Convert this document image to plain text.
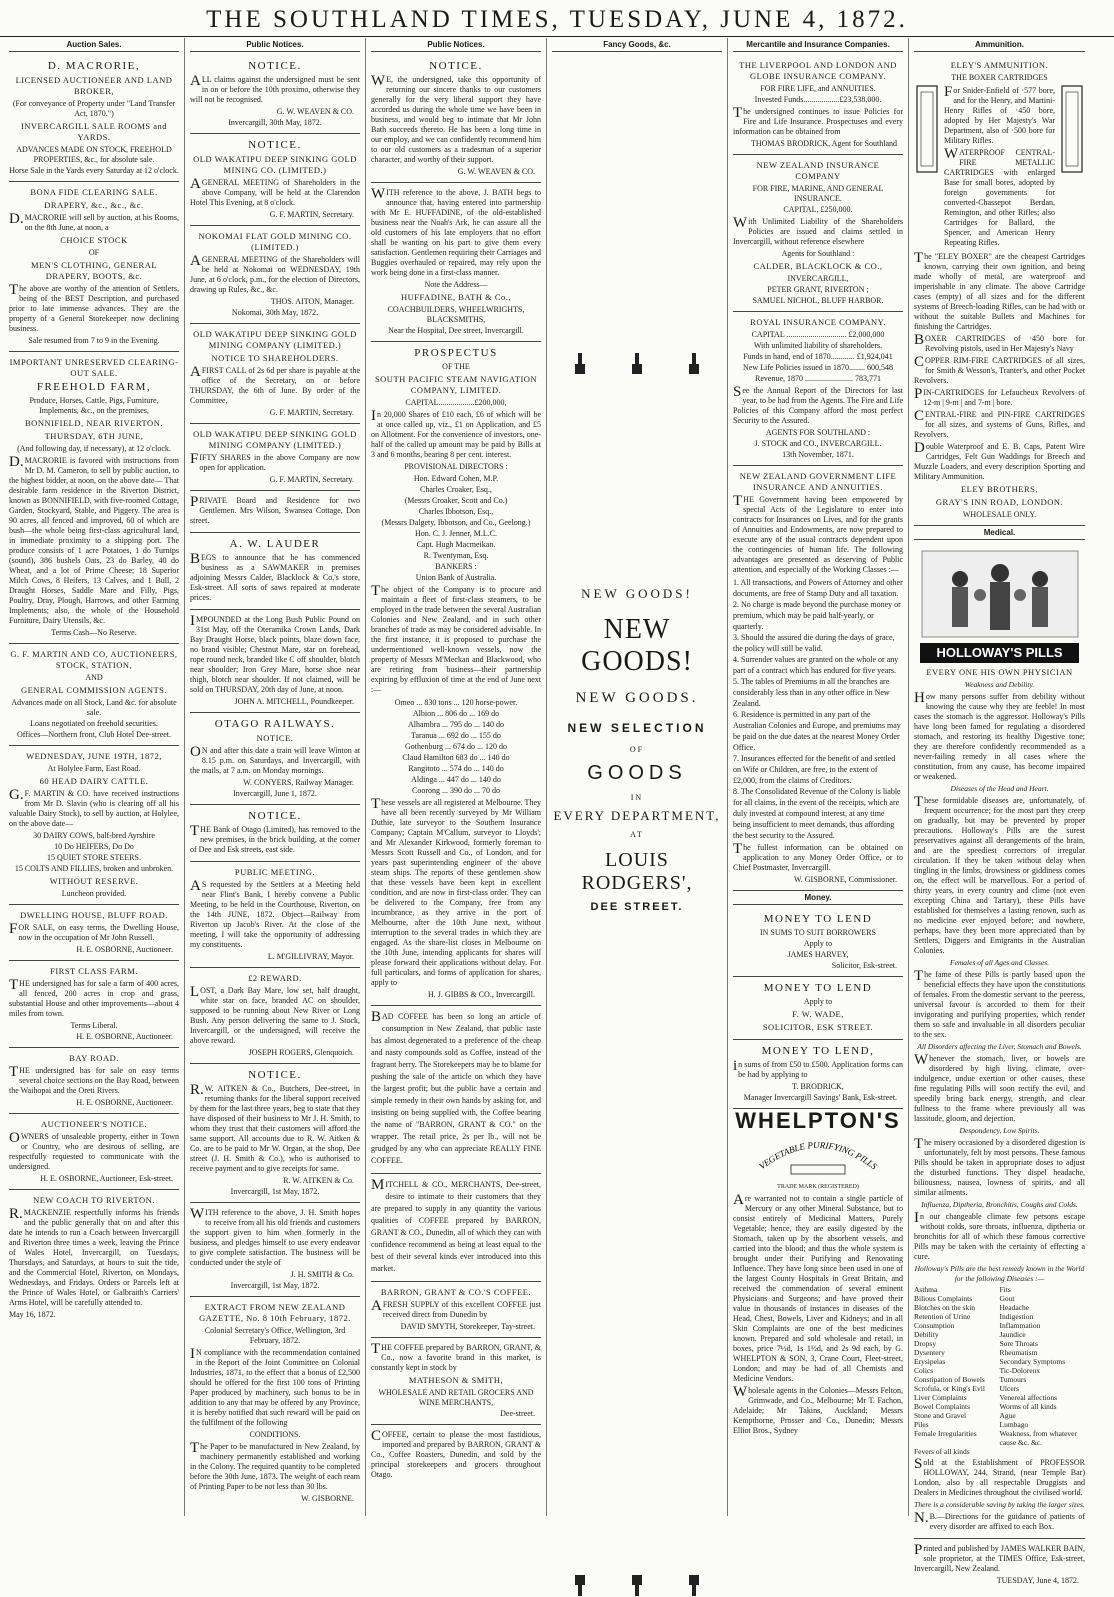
THE SOUTHLAND TIMES, TUESDAY, JUNE 4, 1872.
Auction Sales.
D. MACRORIE,
LICENSED AUCTIONEER AND LAND BROKER,
(For conveyance of Property under "Land Transfer Act, 1870.")
INVERCARGILL SALE ROOMS and YARDS.
ADVANCES MADE ON STOCK, FREEHOLD PROPERTIES, &c., for absolute sale.
Horse Sale in the Yards every Saturday at 12 o'clock.
BONA FIDE CLEARING SALE.
DRAPERY, &c., &c., &c.
D.MACRORIE will sell by auction, at his Rooms, on the 8th June, at noon, a
CHOICE STOCK
OF
MEN'S CLOTHING, GENERAL DRAPERY, BOOTS, &c.
The above are worthy of the attention of Settlers, being of the BEST Description, and purchased prior to late immense advances. They are the property of a General Storekeeper now declining business.
Sale resumed from 7 to 9 in the Evening.
IMPORTANT UNRESERVED CLEARING-OUT SALE.
FREEHOLD FARM,
Produce, Horses, Cattle, Pigs, Furniture, Implements, &c., on the premises,
BONNIFIELD, NEAR RIVERTON.
THURSDAY, 6TH JUNE,
(And following day, if necessary), at 12 o'clock.
D.MACRORIE is favored with instructions from Mr D. M. Cameron, to sell by public auction, to the highest bidder, at noon, on the above date— That desirable farm residence in the Riverton District, known as BONNIFIELD, with five-roomed Cottage, Garden, Stockyard, Stable, and Piggery. The area is 90 acres, all fenced and improved, 60 of which are bush—the whole being first-class agricultural land, in immediate proximity to a shipping port. The produce consists of 1 acre Potatoes, 1 do Turnips (sound), 386 bushels Oats, 23 do Barley, 40 do Wheat, and a lot of Prime Cheese; 18 Superior Milch Cows, 8 Heifers, 13 Calves, and 1 Bull, 2 Draught Horses, Saddle Mare and Filly, Pigs, Poultry, Dray, Plough, Harrows, and other Farming Implements; also, the whole of the Household Furniture, Dairy Utensils, &c.
Terms Cash—No Reserve.
G. F. MARTIN AND CO, AUCTIONEERS, STOCK, STATION,
AND
GENERAL COMMISSION AGENTS.
Advances made on all Stock, Land &c. for absolute sale.
Loans negotiated on freehold securities.
Offices—Northern front, Club Hotel Dee-street.
WEDNESDAY, JUNE 19TH, 1872,
At Holylee Farm, East Road.
60 HEAD DAIRY CATTLE.
G.F. MARTIN & CO. have received instructions from Mr D. Slavin (who is clearing off all his valuable Dairy Stock), to sell by auction, at Holylee, on the above date—
30 DAIRY COWS, half-bred Ayrshire
10 Do HEIFERS, Do Do
15 QUIET STORE STEERS.
15 COLTS AND FILLIES, broken and unbroken.
WITHOUT RESERVE.
Luncheon provided.
DWELLING HOUSE, BLUFF ROAD.
FOR SALE, on easy terms, the Dwelling House, now in the occupation of Mr John Russell.
H. E. OSBORNE, Auctioneer.
FIRST CLASS FARM.
THE undersigned has for sale a farm of 400 acres, all fenced, 200 acres in crop and grass, substantial House and other improvements—about 4 miles from town.
Terms Liberal.
H. E. OSBORNE, Auctioneer.
BAY ROAD.
THE undersigned has for sale on easy terms several choice sections on the Bay Road, between the Waihopai and the Oreti Rivers.
H. E. OSBORNE, Auctioneer.
AUCTIONEER'S NOTICE.
OWNERS of unsaleable property, either in Town or Country, who are desirous of selling, are respectfully requested to communicate with the undersigned.
H. E. OSBORNE, Auctioneer, Esk-street.
NEW COACH TO RIVERTON.
R.MACKENZIE respectfully informs his friends and the public generally that on and after this date he intends to run a Coach between Invercargill and Riverton three times a week, leaving the Prince of Wales Hotel, Invercargill, on Tuesdays, Thursdays, and Saturdays, at hours to suit the tide, and the Commercial Hotel, Riverton, on Mondays, Wednesdays, and Fridays. Orders or Parcels left at the Prince of Wales Hotel, or Galbraith's Carriers' Arms Hotel, will be carefully attended to.
May 16, 1872.
Public Notices.
NOTICE.
ALL claims against the undersigned must be sent in on or before the 10th proximo, otherwise they will not be recognised.
G. W. WEAVEN & CO.
Invercargill, 30th May, 1872.
NOTICE.
OLD WAKATIPU DEEP SINKING GOLD MINING CO. (LIMITED.)
AGENERAL MEETING of Shareholders in the above Company, will be held at the Clarendon Hotel This Evening, at 8 o'clock.
G. F. MARTIN, Secretary.
NOKOMAI FLAT GOLD MINING CO. (LIMITED.)
AGENERAL MEETING of the Shareholders will be held at Nokomai on WEDNESDAY, 19th June, at 6 o'clock, p.m., for the election of Directors, drawing up Rules, &c., &c.
THOS. AITON, Manager.
Nokomai, 30th May, 1872.
OLD WAKATIPU DEEP SINKING GOLD MINING COMPANY (LIMITED.)
NOTICE TO SHAREHOLDERS.
AFIRST CALL of 2s 6d per share is payable at the office of the Secretary, on or before THURSDAY, the 6th of June. By order of the Committee,
G. F. MARTIN, Secretary.
OLD WAKATIPU DEEP SINKING GOLD MINING COMPANY (LIMITED.)
FIFTY SHARES in the above Company are now open for application.
G. F. MARTIN, Secretary.
PRIVATE Board and Residence for two Gentlemen. Mrs Wilson, Swansea Cottage, Don street.
A. W. LAUDER
BEGS to announce that he has commenced business as a SAWMAKER in premises adjoining Messrs Calder, Blacklock & Co.'s store, Esk-street. All sorts of saws repaired at moderate prices.
IMPOUNDED at the Long Bush Public Pound on 31st May, off the Oteramika Crown Lands, Dark Bay Draught Horse, black points, blaze down face, no brand visible; Chestnut Mare, star on forehead, rope round neck, branded like C off shoulder, blotch near shoulder; Iron Grey Mare, horse shoe near thigh, blotch near shoulder. If not claimed, will be sold on THURSDAY, 20th day of June, at noon.
JOHN A. MITCHELL, Poundkeeper.
OTAGO RAILWAYS.
NOTICE.
ON and after this date a train will leave Winton at 8.15 p.m. on Saturdays, and Invercargill, with the mails, at 7 a.m. on Monday mornings.
W. CONYERS, Railway Manager.
Invercargill, June 1, 1872.
NOTICE.
THE Bank of Otago (Limited), has removed to the new premises, in the brick building, at the corner of Dee and Esk streets, east side.
PUBLIC MEETING.
AS requested by the Settlers at a Meeting held near Flint's Bank, I hereby convene a Public Meeting, to be held in the Courthouse, Riverton, on the 14th JUNE, 1872. Object—Railway from Riverton up Jacob's River. At the close of the meeting, I will take the opportunity of addressing my constituents.
L. M'GILLIVRAY, Mayor.
£2 REWARD.
LOST, a Dark Bay Mare, low set, half draught, white star on face, branded AC on shoulder, supposed to be running about New River or Long Bush. Any person delivering the same to J. Stock, Invercargill, or the undersigned, will receive the above reward.
JOSEPH ROGERS, Glenquoich.
NOTICE.
R.W. AITKEN & Co., Butchers, Dee-street, in returning thanks for the liberal support received by them for the last three years, beg to state that they have disposed of their business to Mr J. H. Smith, to whom they trust that their customers will afford the same support. All accounts due to R. W. Aitken & Co. are to be paid to Mr W. Organ, at the shop, Dee street (J. H. Smith & Co.), who is authorised to receive payment and to give receipts for same.
R. W. AITKEN & Co.
Invercargill, 1st May, 1872.
WITH reference to the above, J. H. Smith hopes to receive from all his old friends and customers the support given to him when formerly in the business, and pledges himself to use every endeavor to give complete satisfaction. The business will be conducted under the style of
J. H. SMITH & Co.
Invercargill, 1st May, 1872.
EXTRACT FROM NEW ZEALAND GAZETTE, No. 8 10th February, 1872.
Colonial Secretary's Office, Wellington, 3rd February, 1872.
IN compliance with the recommendation contained in the Report of the Joint Committee on Colonial Industries, 1871, to the effect that a bonus of £2,500 should be offered for the first 100 tons of Printing Paper produced by machinery, such bonus to be in addition to any that may be offered by any Province, it is hereby notified that such reward will be paid on the fulfilment of the following
CONDITIONS.
The Paper to be manufactured in New Zealand, by machinery permanently established and working in the Colony. The required quantity to be completed before the 30th June, 1873. The weight of each ream of Printing Paper to be not less than 30 lbs.
W. GISBORNE.
Public Notices.
NOTICE.
WE, the undersigned, take this opportunity of returning our sincere thanks to our customers generally for the very liberal support they have accorded us during the whole time we have been in business, and would beg to intimate that Mr John Bath succeeds thereto. He has been a long time in our employ, and we can confidently recommend him to our old customers as a tradesman of a superior character, and worthy of their support.
G. W. WEAVEN & CO.
WITH reference to the above, J. BATH begs to announce that, having entered into partnership with Mr E. HUFFADINE, of the old-established business near the Noah's Ark, he can assure all the old customers of his late employers that no effort shall be wanting on his part to give them every satisfaction. Gentlemen requiring their Carriages and Buggies overhauled or repaired, may rely upon the work being done in a first-class manner.
Note the Address—
HUFFADINE, BATH & Co.,
COACHBUILDERS, WHEELWRIGHTS, BLACKSMITHS,
Near the Hospital, Dee street, Invercargill.
PROSPECTUS
OF THE
SOUTH PACIFIC STEAM NAVIGATION COMPANY, LIMITED.
CAPITAL..................£200,000,
In 20,000 Shares of £10 each, £6 of which will be at once called up, viz., £1 on Application, and £5 on Allotment. For the convenience of investors, one-half of the called up amount may be paid by Bills at 3 and 6 months, bearing 8 per cent. interest.
PROVISIONAL DIRECTORS :
Hon. Edward Cohen, M.P.
Charles Croaker, Esq.,
(Messrs Croaker, Scott and Co.)
Charles Ibbotson, Esq.,
(Messrs Dalgety, Ibbotson, and Co., Geelong.)
Hon. C. J. Jenner, M.L.C.
Capt. Hugh Macmeikan.
R. Twentyman, Esq.
BANKERS :
Union Bank of Australia.
The object of the Company is to procure and maintain a fleet of first-class steamers, to be employed in the trade between the several Australian Colonies and New Zealand, and in such other branches of trade as may be considered advisable. In the first instance, it is proposed to purchase the undermentioned well-known vessels, now the property of Messrs M'Meckan and Blackwood, who are retiring from business—their partnership expiring by effluxion of time at the end of June next :—
Omeo ... 830 tons ... 120 horse-power.
Albion ... 806 do ... 169 do
Alhambra ... 795 do ... 140 do
Taranua ... 692 do ... 155 do
Gothenburg ... 674 do ... 120 do
Claud Hamilton 683 do ... 140 do
Rangitoto ... 574 do ... 140 do
Aldinga ... 447 do ... 140 do
Coorong ... 390 do ... 70 do
These vessels are all registered at Melbourne. They have all been recently surveyed by Mr William Duthie, late surveyor to the Southern Insurance Company; Captain M'Callum, surveyor to Lloyds'; and Mr Alexander Kirkwood, formerly foreman to Messrs Scott Russell and Co., of London, and for years past superintending engineer of the above steam ships. The reports of these gentlemen show that these vessels have been kept in excellent condition, and are now in first-class order. They can be delivered to the Company, free from any incumbrance, as they arrive in the port of Melbourne, after the 10th June next, without interruption to the several trades in which they are engaged. As the share-list closes in Melbourne on the 10th June, intending applicants for shares will please forward their applications without delay. For full particulars, and forms of application for shares, apply to
H. J. GIBBS & CO., Invercargill.
BAD COFFEE has been so long an article of consumption in New Zealand, that public taste has almost degenerated to a preference of the cheap and nasty compounds sold as Coffee, instead of the fragrant berry. The Storekeepers may be to blame for pushing the sale of the article on which they have the largest profit; but the public have a certain and simple remedy in their own hands by asking for, and insisting on being supplied with, the Coffee bearing the name of "BARRON, GRANT & CO." on the wrapper. The retail price, 2s per lb., will not be grudged by any who can appreciate REALLY FINE COFFEE.
MITCHELL & CO., MERCHANTS, Dee-street, desire to intimate to their customers that they are prepared to supply in any quantity the various qualities of COFFEE prepared by BARRON, GRANT & CO., Dunedin, all of which they can with confidence recommend as being at least equal to the best of their several kinds ever introduced into this market.
BARRON, GRANT & CO.'S COFFEE.
AFRESH SUPPLY of this excellent COFFEE just received direct from Dunedin by
DAVID SMYTH, Storekeeper, Tay-street.
THE COFFEE prepared by BARRON, GRANT, & Co., now a favorite brand in this market, is constantly kept in stock by
MATHESON & SMITH,
WHOLESALE AND RETAIL GROCERS AND WINE MERCHANTS,
Dee-street.
COFFEE, certain to please the most fastidious, imported and prepared by BARRON, GRANT & Co., Coffee Roasters, Dunedin, and sold by the principal storekeepers and grocers throughout Otago.
Fancy Goods, &c.
NEW GOODS!
NEW GOODS!
NEW GOODS.
NEW SELECTION
OF
GOODS
IN
EVERY DEPARTMENT,
AT
LOUIS RODGERS',
DEE STREET.
Mercantile and Insurance Companies.
THE LIVERPOOL AND LONDON AND GLOBE INSURANCE COMPANY.
FOR FIRE LIFE, and ANNUITIES.
Invested Funds..................£23,538,000.
The undersigned continues to issue Policies for Fire and Life Insurance. Prospectuses and every information can be obtained from
THOMAS BRODRICK, Agent for Southland
NEW ZEALAND INSURANCE COMPANY
FOR FIRE, MARINE, AND GENERAL INSURANCE.
CAPITAL, £250,000.
With Unlimited Liability of the Shareholders Policies are issued and claims settled in Invercargill, without reference elsewhere
Agents for Southland :
CALDER, BLACKLOCK & CO.,
INVERCARGILL,
PETER GRANT, RIVERTON ;
SAMUEL NICHOL, BLUFF HARBOR.
ROYAL INSURANCE COMPANY.
CAPITAL .............................. £2,000,000
With unlimited liability of shareholders.
Funds in hand, end of 1870............ £1,924,041
New Life Policies issued in 1870........ 600,548
Revenue, 1870 ........................ 783,771
See the Annual Report of the Directors for last year, to be had from the Agents. The Fire and Life Policies of this Company afford the most perfect Security to the Assured.
AGENTS FOR SOUTHLAND :
J. STOCK and CO., INVERCARGILL.
13th November, 1871.
NEW ZEALAND GOVERNMENT LIFE INSURANCE AND ANNUITIES.
THE Government having been empowered by special Acts of the Legislature to enter into contracts for Insurances on Lives, and for the grants of Annuities and Endowments, are now prepared to execute any of the usual contracts dependent upon the contingencies of human life. The following advantages are presented as deserving of Public attention, and especially of the Working Classes :—
1. All transactions, and Powers of Attorney and other documents, are free of Stamp Duty and all taxation.
2. No charge is made beyond the purchase money or premium, which may be paid half-yearly, or quarterly.
3. Should the assured die during the days of grace, the policy will still be valid.
4. Surrender values are granted on the whole or any part of a contract which has endured for five years.
5. The tables of Premiums in all the branches are considerably less than in any other office in New Zealand.
6. Residence is permitted in any part of the Australian Colonies and Europe, and premiums may be paid on the due dates at the nearest Money Order Office.
7. Insurances effected for the benefit of and settled on Wife or Children, are free, to the extent of £2,000, from the claims of Creditors.
8. The Consolidated Revenue of the Colony is liable for all claims, in the event of the receipts, which are duly invested at compound interest, at any time being insufficient to meet demands, thus affording the best security to the Assured.
The fullest information can be obtained on application to any Money Order Office, or to Chief Postmaster, Invercargill.
W. GISBORNE, Commissioner.
Money.
MONEY TO LEND
IN SUMS TO SUIT BORROWERS
Apply to
JAMES HARVEY,
Solicitor, Esk-street.
MONEY TO LEND
Apply to
F. W. WADE,
SOLICITOR, ESK STREET.
MONEY TO LEND,
in sums of from £50 to £500. Application forms can be had by applying to
T. BRODRICK,
Manager Invercargill Savings' Bank, Esk-street.
WHELPTON'S
VEGETABLE PURIFYING PILLS
TRADE MARK (REGISTERED)
Are warranted not to contain a single particle of Mercury or any other Mineral Substance, but to consist entirely of Medicinal Matters, Purely Vegetable; hence, they are easily digested by the Stomach, taken up by the absorbent vessels, and carried into the blood; and thus the whole system is brought under their Purifying and Renovating Influence. They have long since been used in one of the largest County Hospitals in Great Britain, and received the commendation of several eminent Physicians and Surgeons; and have proved their value in thousands of instances in diseases of the Head, Chest, Bowels, Liver and Kidneys; and in all Skin Complaints are one of the best medicines known. Prepared and sold wholesale and retail, in boxes, price 7½d, 1s 1½d, and 2s 9d each, by G. WHELPTON & SON, 3, Crane Court, Fleet-street, London; and may be had of all Chemists and Medicine Vendors.
Wholesale agents in the Colonies—Messrs Felton, Grimwade, and Co., Melbourne; Mr T. Fachon, Adelaide; Mr Takins, Auckland; Messrs Kempthorne, Prosser and Co., Dunedin; Messrs Elliot Bros., Sydney
Ammunition.
ELEY'S AMMUNITION.
THE BOXER CARTRIDGES
For Snider-Enfield of ·577 bore, and for the Henry, and Martini-Henry Rifles of ·450 bore, adopted by Her Majesty's War Department, also of ·500 bore for Military Rifles.
WATERPROOF CENTRAL-FIRE METALLIC CARTRIDGES with enlarged Base for small bores, adopted by foreign governments for converted-Chassepot Berdan, Remington, and other Rifles; also Cartridges for Ballard, the Spencer, and American Henry Repeating Rifles.
The "ELEY BOXER" are the cheapest Cartridges known, carrying their own ignition, and being made wholly of metal, are waterproof and imperishable in any climate. The above Cartridge cases (empty) of all sizes and for the different systems of Breech-loading Rifles, can be had with or without the suitable Bullets and Machines for finishing the Cartridges.
BOXER CARTRIDGES of ·450 bore for Revolving pistols, used in Her Majesty's Navy
COPPER RIM-FIRE CARTRIDGES of all sizes, for Smith & Wesson's, Tranter's, and other Pocket Revolvers.
PIN-CARTRIDGES for Lefaucheux Revolvers of 12-m | 9-m | and 7-m | bore.
CENTRAL-FIRE and PIN-FIRE CARTRIDGES for all sizes, and systems of Guns, Rifles, and Revolvers.
Double Waterproof and E. B. Caps, Patent Wire Cartridges, Felt Gun Waddings for Breech and Muzzle Loaders, and every description Sporting and Military Ammunition.
ELEY BROTHERS,
GRAY'S INN ROAD, LONDON.
WHOLESALE ONLY.
Medical.
HOLLOWAY'S PILLS
EVERY ONE HIS OWN PHYSICIAN
Weakness and Debility.
How many persons suffer from debility without knowing the cause why they are feeble! In most cases the stomach is the aggressor. Holloway's Pills have long been famed for regulating a disordered stomach, and restoring its healthy Digestive tone; they are therefore confidently recommended as a never-failing remedy in all cases where the constitution, from any cause, has become impaired or weakened.
Diseases of the Head and Heart.
These formidable diseases are, unfortunately, of frequent occurrence; for the most part they creep on gradually, but may be prevented by proper precautions. Holloway's Pills are the surest preservatives against all derangements of the brain, and are the speediest correctors of irregular circulation. If they be taken without delay when tingling in the limbs, drowsiness or giddiness comes on, the effect will be marvellous. For a period of thirty years, in every country and clime (not even excepting China and Tartary), these Pills have established for themselves a lasting renown, such as no medicine ever enjoyed before; and nowhere, perhaps, have they been more appreciated than by Settlers, Diggers and Emigrants in the Australian Colonies.
Females of all Ages and Classes.
The fame of these Pills is partly based upon the beneficial effects they have upon the constitutions of females. From the domestic servant to the peeress, universal favour is accorded to them for their invigorating and purifying properties, which render them so safe and invaluable in all disorders peculiar to the sex.
All Disorders affecting the Liver, Stomach and Bowels.
Whenever the stomach, liver, or bowels are disordered by high living, climate, over-indulgence, undue exertion or other causes, these fine regulating Pills will soon rectify the evil, and speedily bring back energy, strength, and clear fullness to the frame where previously all was lassitude, gloom, and dejection.
Despondency, Low Spirits.
The misery occasioned by a disordered digestion is unfortunately, felt by most persons. These famous Pills should be taken in appropriate doses to adjust the disturbed functions. They dispel headache, biliousness, nausea, lowness of spirits, and all similar ailments.
Influenza, Diptheria, Bronchitis, Coughs and Colds.
In our changeable climate few persons escape without colds, sore throats, influenza, diptheria or bronchitis for all of which these famous corrective Pills may be taken with the certainty of effecting a cure.
Holloway's Pills are the best remedy known in the World for the following Diseases :—
Asthma	Fits
Bilious Complaints	Gout
Blotches on the skin	Headache
Retention of Urine	Indigestion
Consumption	Inflammation
Debility	Jaundice
Dropsy	Sore Throats
Dysentery	Rheumatism
Erysipelas	Secondary Symptoms
Colics	Tic-Doloreux
Constipation of Bowels	Tumours
Scrofula, or King's Evil	Ulcers
Liver Complaints	Venereal affections
Bowel Complaints	Worms of all kinds
Stone and Gravel	Ague
Piles	Lumbago
Female Irregularities	Weakness, from whatever cause &c. &c.
Fevers of all kinds
Sold at the Establishment of PROFESSOR HOLLOWAY, 244, Strand, (near Temple Bar) London, also by all respectable Druggists and Dealers in Medicines throughout the civilised world.
There is a considerable saving by taking the larger sizes.
N.B.—Directions for the guidance of patients of every disorder are affixed to each Box.
Printed and published by JAMES WALKER BAIN, sole proprietor, at the TIMES Office, Esk-street, Invercargill, New Zealand.
TUESDAY, June 4, 1872.
